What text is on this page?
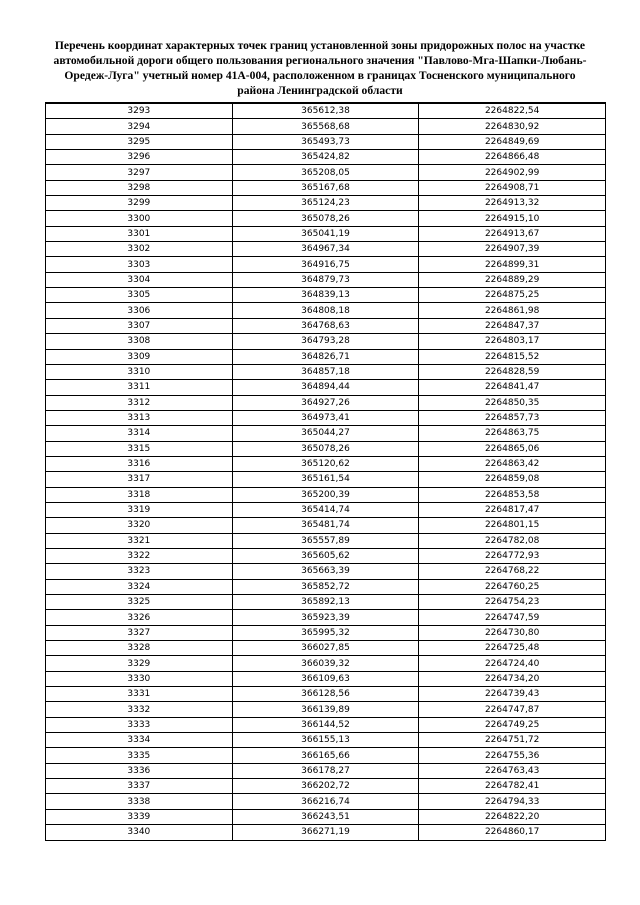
Перечень координат характерных точек границ установленной зоны придорожных полос на участке
автомобильной дороги общего пользования регионального значения "Павлово-Мга-Шапки-Любань-
Оредеж-Луга" учетный номер 41А-004, расположенном в границах Тосненского муниципального
района Ленинградской области
3293	365612,38	2264822,54
3294	365568,68	2264830,92
3295	365493,73	2264849,69
3296	365424,82	2264866,48
3297	365208,05	2264902,99
3298	365167,68	2264908,71
3299	365124,23	2264913,32
3300	365078,26	2264915,10
3301	365041,19	2264913,67
3302	364967,34	2264907,39
3303	364916,75	2264899,31
3304	364879,73	2264889,29
3305	364839,13	2264875,25
3306	364808,18	2264861,98
3307	364768,63	2264847,37
3308	364793,28	2264803,17
3309	364826,71	2264815,52
3310	364857,18	2264828,59
3311	364894,44	2264841,47
3312	364927,26	2264850,35
3313	364973,41	2264857,73
3314	365044,27	2264863,75
3315	365078,26	2264865,06
3316	365120,62	2264863,42
3317	365161,54	2264859,08
3318	365200,39	2264853,58
3319	365414,74	2264817,47
3320	365481,74	2264801,15
3321	365557,89	2264782,08
3322	365605,62	2264772,93
3323	365663,39	2264768,22
3324	365852,72	2264760,25
3325	365892,13	2264754,23
3326	365923,39	2264747,59
3327	365995,32	2264730,80
3328	366027,85	2264725,48
3329	366039,32	2264724,40
3330	366109,63	2264734,20
3331	366128,56	2264739,43
3332	366139,89	2264747,87
3333	366144,52	2264749,25
3334	366155,13	2264751,72
3335	366165,66	2264755,36
3336	366178,27	2264763,43
3337	366202,72	2264782,41
3338	366216,74	2264794,33
3339	366243,51	2264822,20
3340	366271,19	2264860,17
